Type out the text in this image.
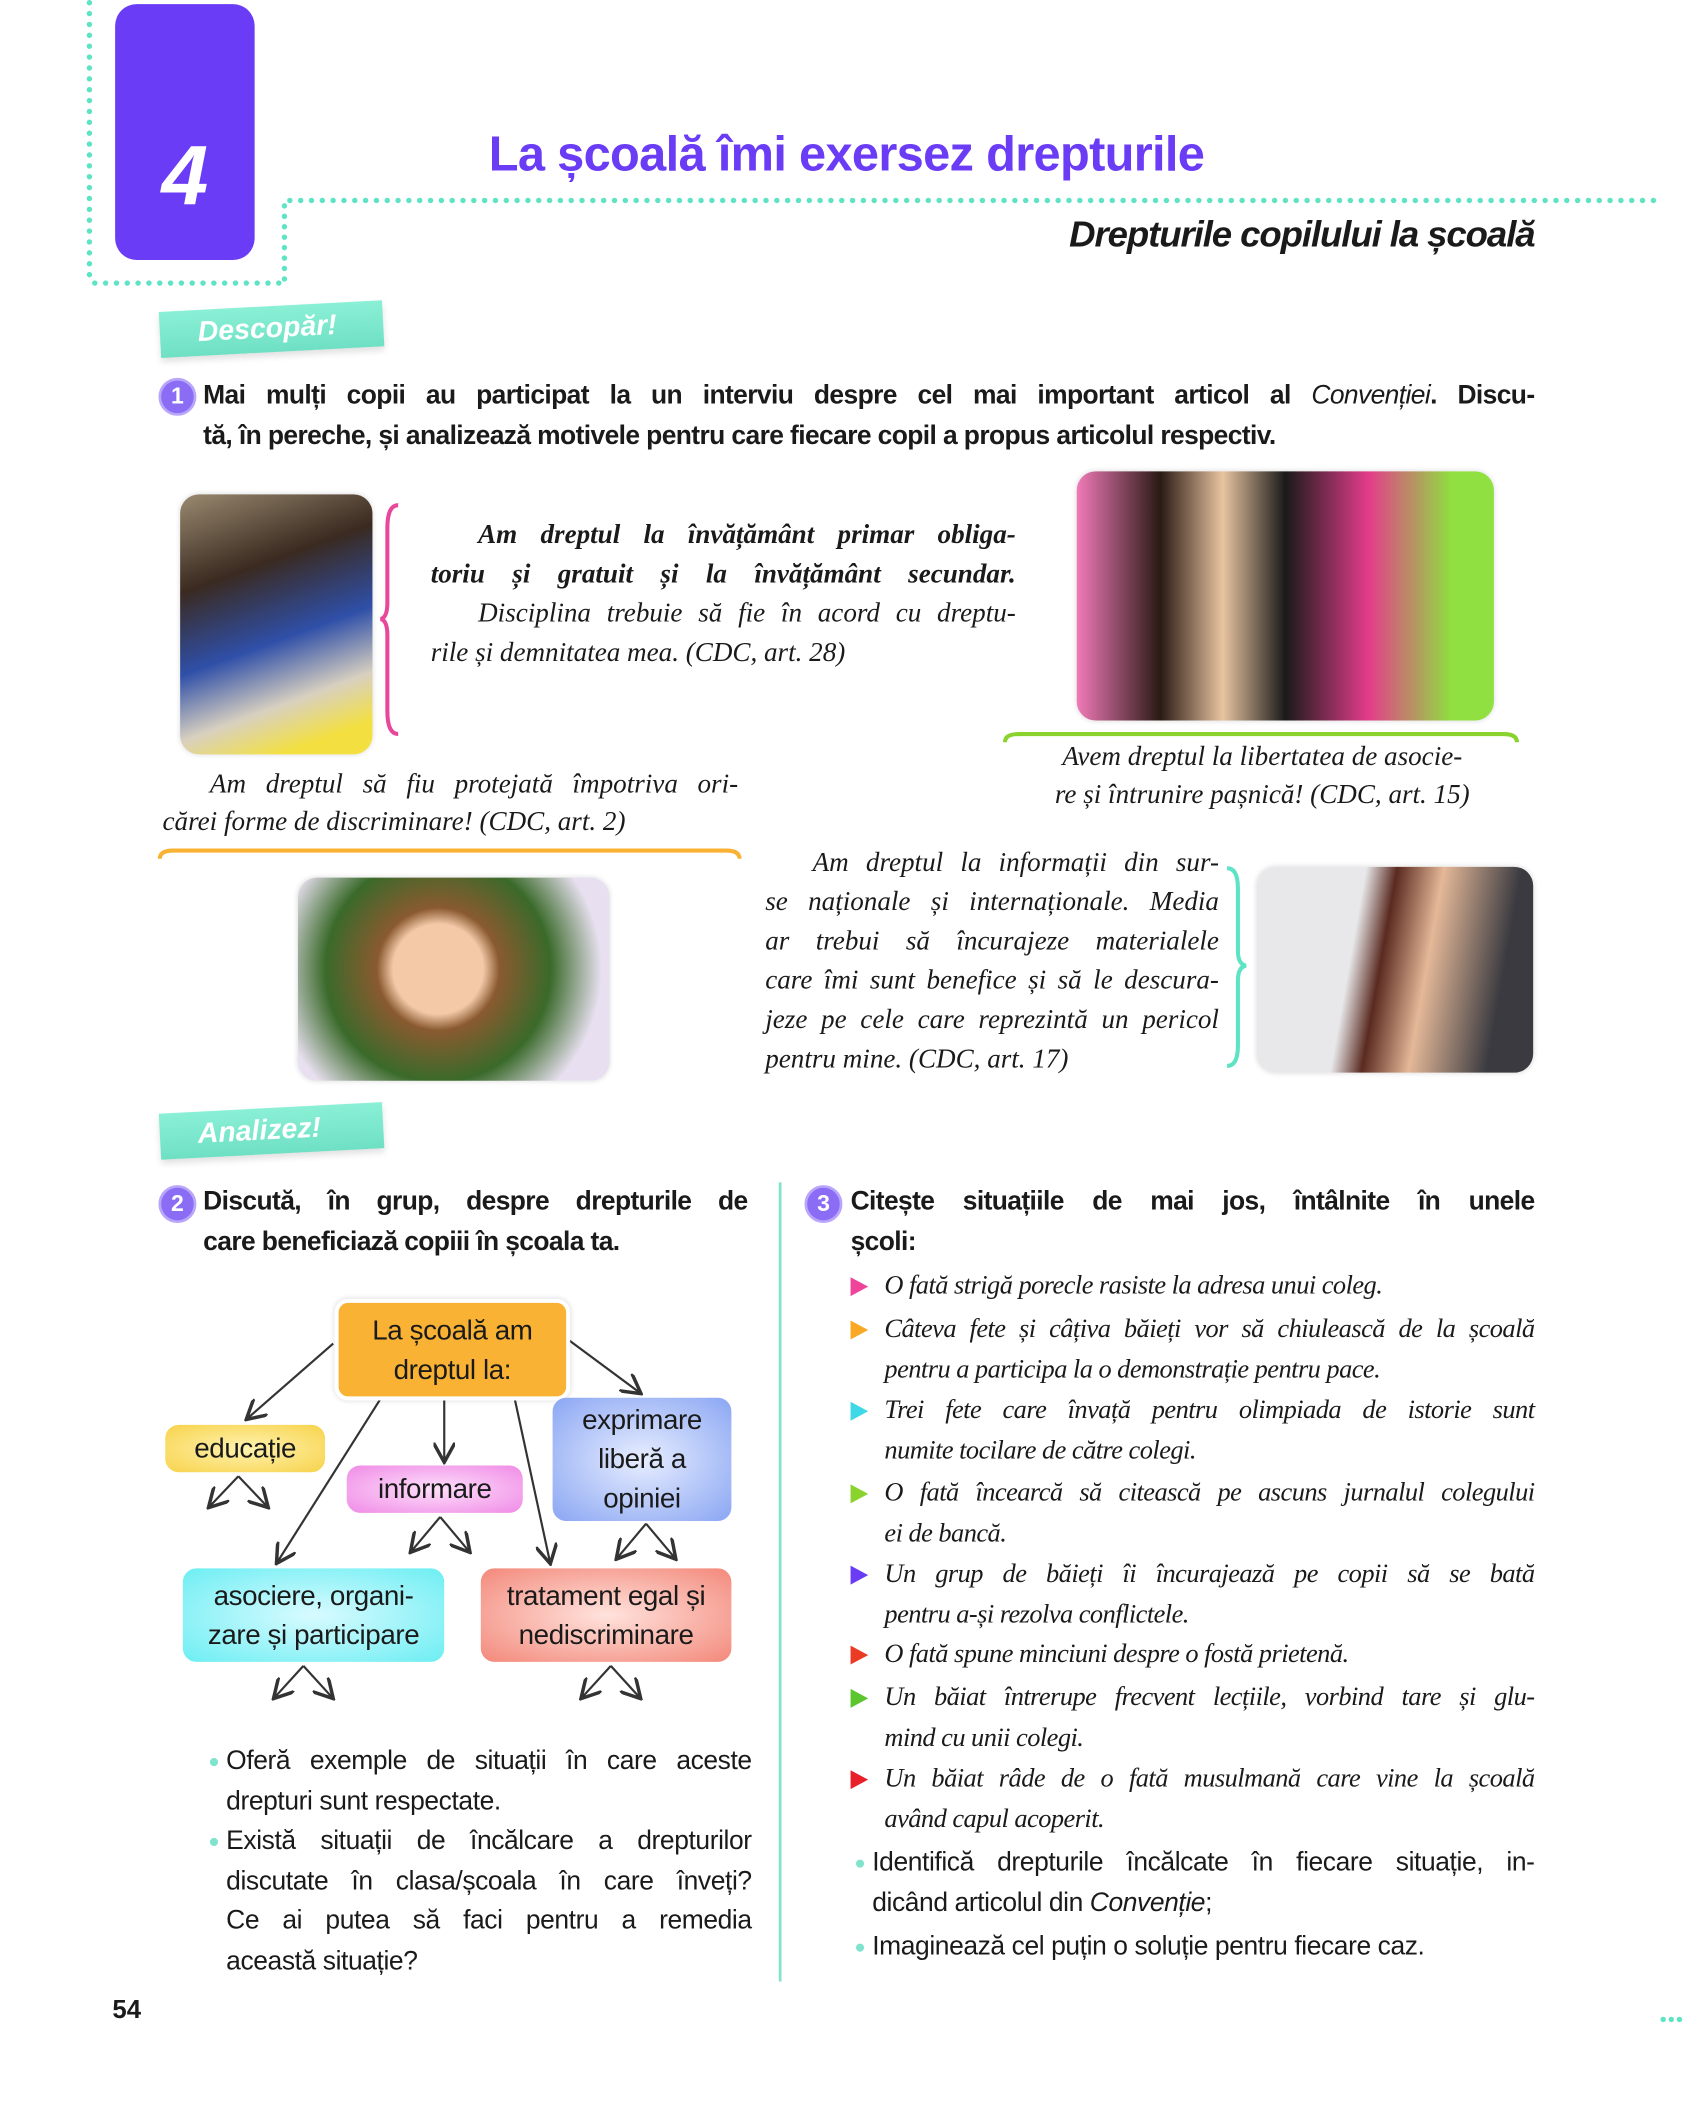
4	La școală îmi exersez drepturile
Drepturile copilului la școală
Descopăr!
1 Mai mulți copii au participat la un interviu despre cel mai important articol al Convenției. Discu-
tă, în pereche, și analizează motivele pentru care fiecare copil a propus articolul respectiv.
Am dreptul la învățământ primar obliga-
toriu și gratuit și la învățământ secundar.
Disciplina trebuie să fie în acord cu dreptu-
rile și demnitatea mea. (CDC, art. 28)
Avem dreptul la libertatea de asocie-
re și întrunire pașnică! (CDC, art. 15)
Am dreptul să fiu protejată împotriva ori-
cărei forme de discriminare! (CDC, art. 2)
Am dreptul la informații din sur-
se naționale și internaționale. Media
ar trebui să încurajeze materialele
care îmi sunt benefice și să le descura-
jeze pe cele care reprezintă un pericol
pentru mine. (CDC, art. 17)
Analizez!
2 Discută, în grup, despre drepturile de
care beneficiază copiii în școala ta.
La școală am dreptul la:
educație
informare
exprimare liberă a opiniei
asociere, organi- zare și participare
tratament egal și nediscriminare
Oferă exemple de situații în care aceste
drepturi sunt respectate.
Există situații de încălcare a drepturilor
discutate în clasa/școala în care înveți?
Ce ai putea să faci pentru a remedia
această situație?
3	Citește situațiile de mai jos, întâlnite în unele
școli:
O fată strigă porecle rasiste la adresa unui coleg.
Câteva fete și câțiva băieți vor să chiulească de la școală
pentru a participa la o demonstrație pentru pace.
Trei fete care învață pentru olimpiada de istorie sunt
numite tocilare de către colegi.
O fată încearcă să citească pe ascuns jurnalul colegului
ei de bancă.
Un grup de băieți îi încurajează pe copii să se bată
pentru a-și rezolva conflictele.
O fată spune minciuni despre o fostă prietenă.
Un băiat întrerupe frecvent lecțiile, vorbind tare și glu-
mind cu unii colegi.
Un băiat râde de o fată musulmană care vine la școală
având capul acoperit.
Identifică drepturile încălcate în fiecare situație, in-
dicând articolul din Convenție;
Imaginează cel puțin o soluție pentru fiecare caz.
54
